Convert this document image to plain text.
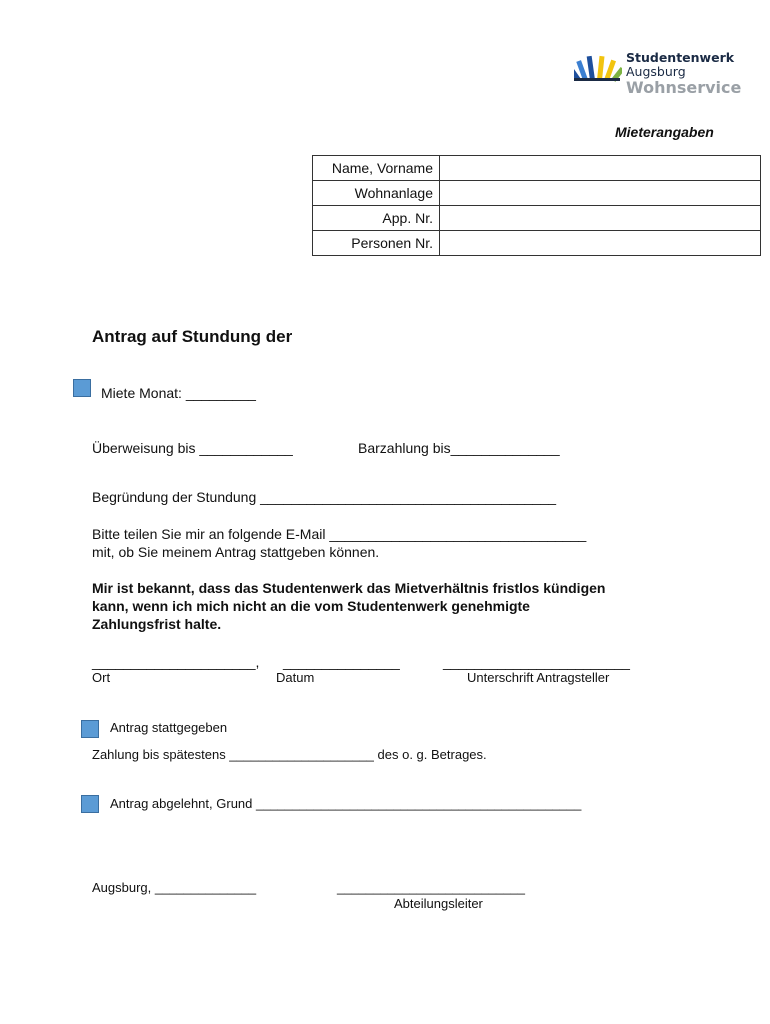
Studentenwerk
Augsburg
Wohnservice
Mieterangaben
Name, Vorname	
Wohnanlage	
App. Nr.	
Personen Nr.	
Antrag auf Stundung der
Miete Monat: _________
Überweisung bis ____________	Barzahlung bis______________
Begründung der Stundung ______________________________________
Bitte teilen Sie mir an folgende E-Mail _________________________________
mit, ob Sie meinem Antrag stattgeben können.
Mir ist bekannt, dass das Studentenwerk das Mietverhältnis fristlos kündigen
kann, wenn ich mich nicht an die vom Studentenwerk genehmigte
Zahlungsfrist halte.
_____________________, _______________	________________________
Ort	Datum	Unterschrift Antragsteller
Antrag stattgegeben
Zahlung bis spätestens ____________________ des o. g. Betrages.
Antrag abgelehnt, Grund _____________________________________________
Augsburg, ______________	__________________________
Abteilungsleiter
